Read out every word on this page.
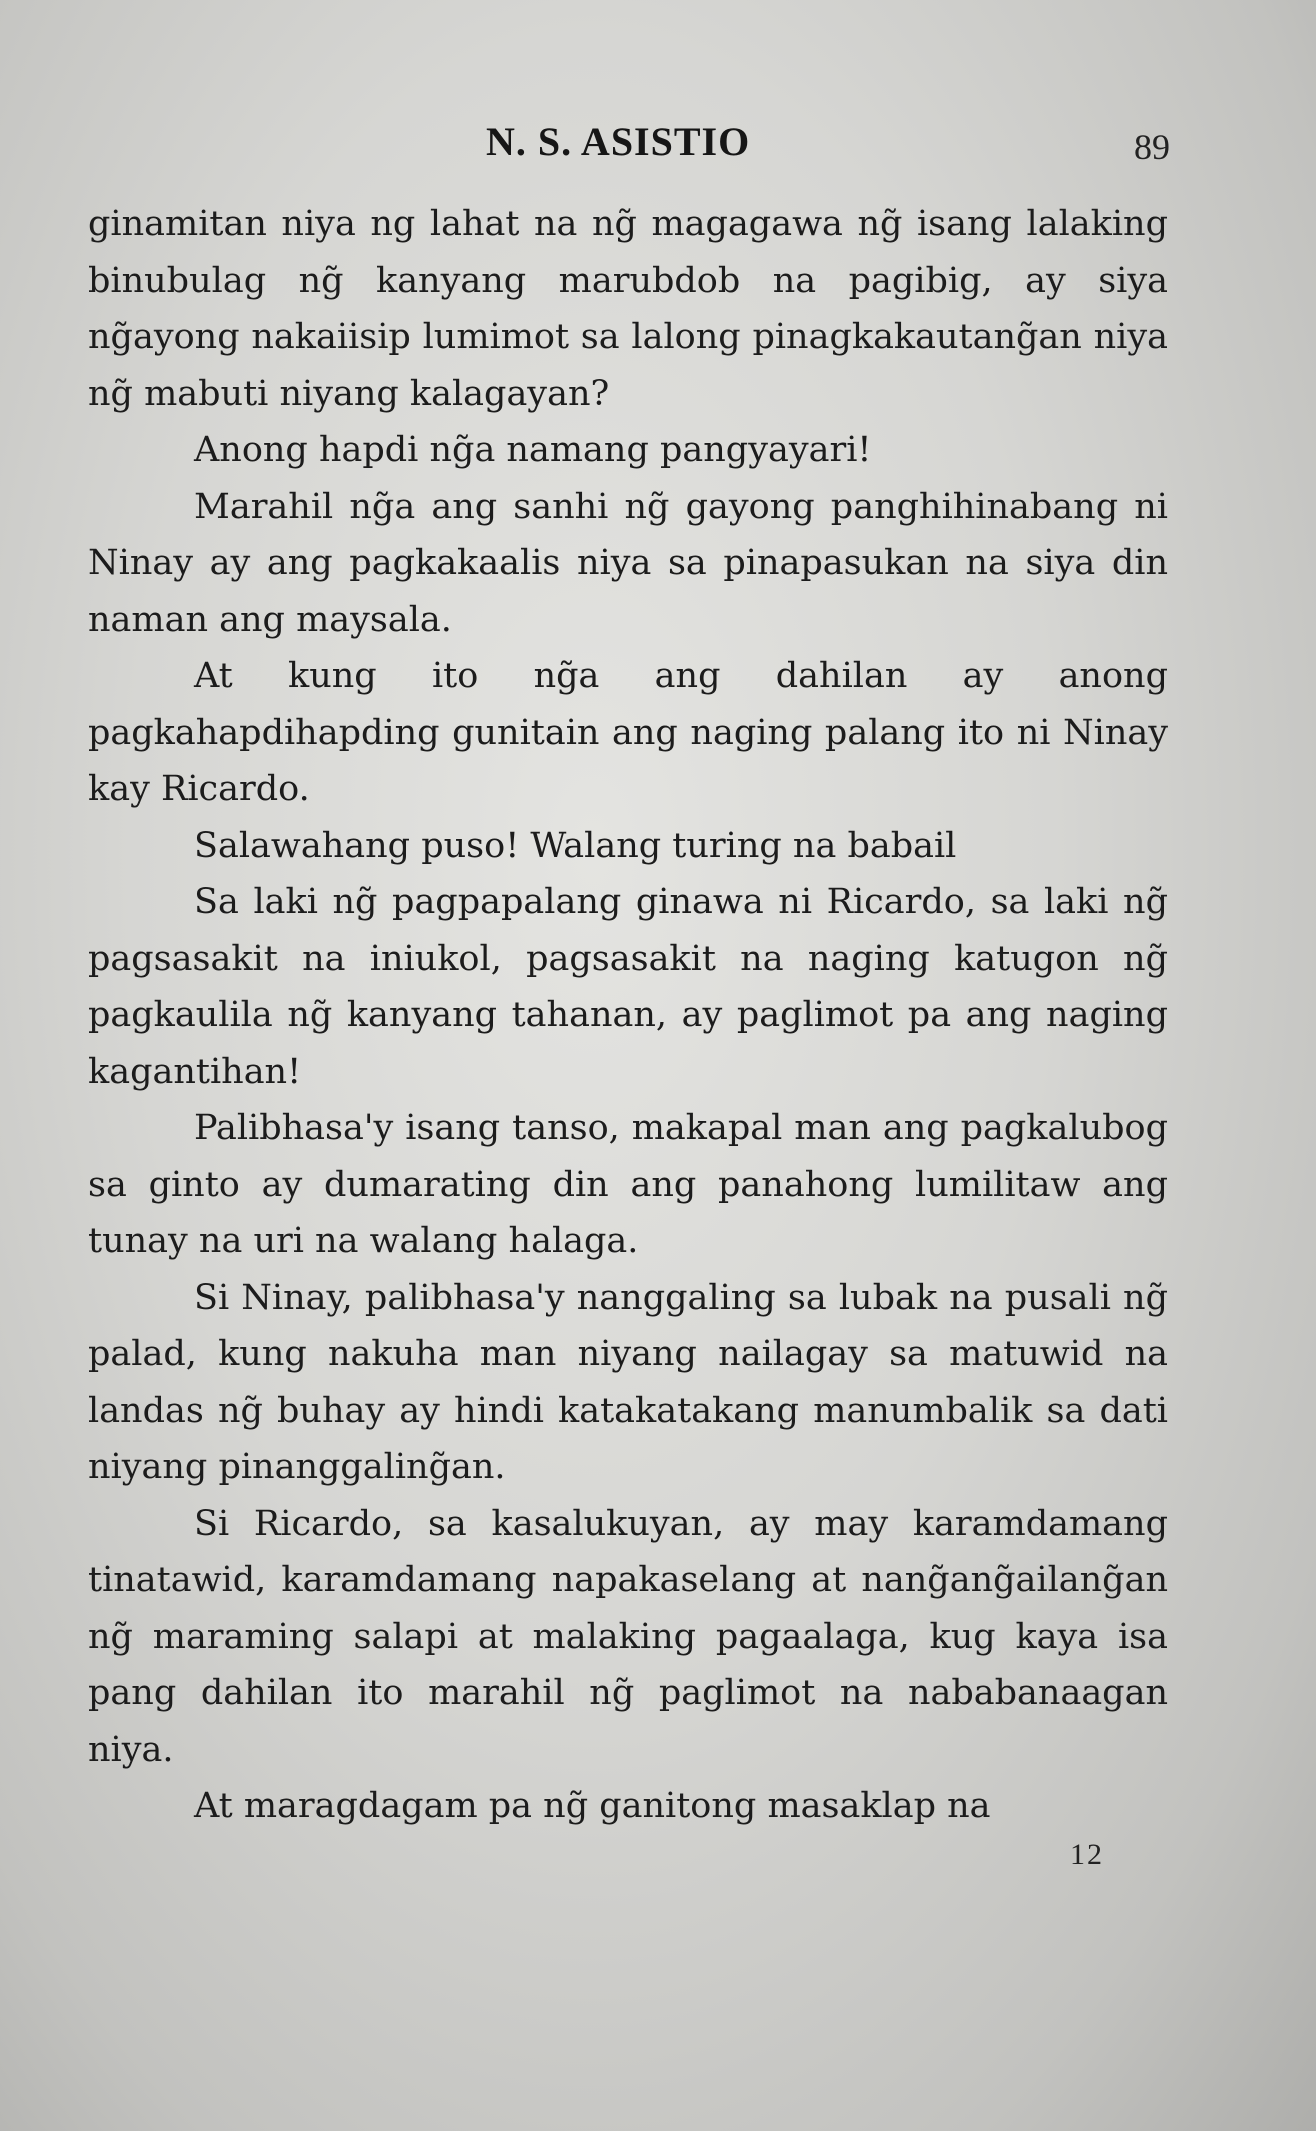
N. S. ASISTIO	89

ginamitan niya ng lahat na ng̃ magagawa ng̃ isang lalaking binubulag ng̃ kanyang marubdob na pagibig, ay siya ng̃ayong nakaiisip lumimot sa lalong pinagkakautang̃an niya ng̃ mabuti niyang kalagayan?

Anong hapdi ng̃a namang pangyayari!

Marahil ng̃a ang sanhi ng̃ gayong panghihinabang ni Ninay ay ang pagkakaalis niya sa pinapasukan na siya din naman ang maysala.

At kung ito ng̃a ang dahilan ay anong pagkahapdihapding gunitain ang naging palang ito ni Ninay kay Ricardo.

Salawahang puso! Walang turing na babail

Sa laki ng̃ pagpapalang ginawa ni Ricardo, sa laki ng̃ pagsasakit na iniukol, pagsasakit na naging katugon ng̃ pagkaulila ng̃ kanyang tahanan, ay paglimot pa ang naging kagantihan!

Palibhasa'y isang tanso, makapal man ang pagkalubog sa ginto ay dumarating din ang panahong lumilitaw ang tunay na uri na walang halaga.

Si Ninay, palibhasa'y nanggaling sa lubak na pusali ng̃ palad, kung nakuha man niyang nailagay sa matuwid na landas ng̃ buhay ay hindi katakatakang manumbalik sa dati niyang pinanggaling̃an.

Si Ricardo, sa kasalukuyan, ay may karamdamang tinatawid, karamdamang napakaselang at nang̃ang̃ailang̃an ng̃ maraming salapi at malaking pagaalaga, kug kaya isa pang dahilan ito marahil ng̃ paglimot na nababanaagan niya.

At maragdagam pa ng̃ ganitong masaklap na

12
